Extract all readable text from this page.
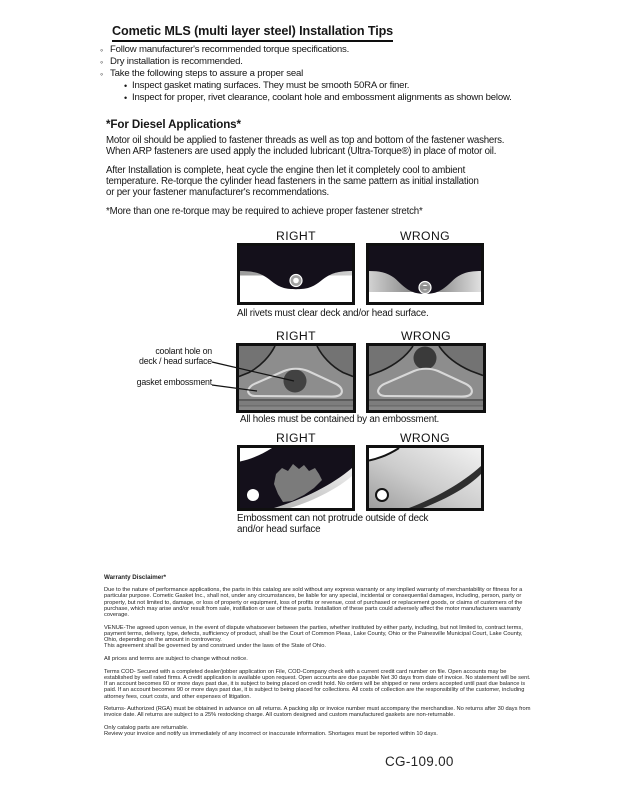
Cometic MLS (multi layer steel) Installation Tips
◦ Follow manufacturer's recommended torque specifications.
◦ Dry installation is recommended.
◦ Take the following steps to assure a proper seal
• Inspect gasket mating surfaces. They must be smooth 50RA or finer.
• Inspect for proper, rivet clearance, coolant hole and embossment alignments as shown below.
*For Diesel Applications*
Motor oil should be applied to fastener threads as well as top and bottom of the fastener washers.
When ARP fasteners are used apply the included lubricant (Ultra-Torque®) in place of motor oil.
After Installation is complete, heat cycle the engine then let it completely cool to ambient
temperature. Re-torque the cylinder head fasteners in the same pattern as initial installation
or per your fastener manufacturer's recommendations.
*More than one re-torque may be required to achieve proper fastener stretch*
RIGHT	WRONG
All rivets must clear deck and/or head surface.
RIGHT	WRONG
coolant hole on
deck / head surface
gasket embossment
All holes must be contained by an embossment.
RIGHT	WRONG
Embossment can not protrude outside of deck and/or head surface
Warranty Disclaimer*

Due to the nature of performance applications, the parts in this catalog are sold without any express warranty or any implied warranty of merchantability or fitness for a particular purpose. Cometic Gasket Inc., shall not, under any circumstances, be liable for any special, incidental or consequential damages, including, person, party or property, but not limited to, damage, or loss of property or equipment, loss of profits or revenue, cost of purchased or replacement goods, or claims of customers of the purchase, which may arise and/or result from sale, instillation or use of these parts. Installation of these parts could adversely affect the motor manufacturers warranty coverage.

VENUE-The agreed upon venue, in the event of dispute whatsoever between the parties, whether instituted by either party, including, but not limited to, contract terms, payment terms, delivery, type, defects, sufficiency of product, shall be the Court of Common Pleas, Lake County, Ohio or the Painesville Municipal Court, Lake County, Ohio, depending on the amount in controversy.

This agreement shall be governed by and construed under the laws of the State of Ohio.

All prices and terms are subject to change without notice.

Terms COD- Secured with a completed dealer/jobber application on File, COD-Company check with a current credit card number on file. Open accounts may be established by well rated firms. A credit application is available upon request. Open accounts are due payable Net 30 days from date of invoice. No statement will be sent. If an account becomes 60 or more days past due, it is subject to being placed on credit hold. No orders will be shipped or new orders accepted until past due balance is paid. If an account becomes 90 or more days past due, it is subject to being placed for collections. All costs of collection are the responsibility of the customer, including attorney fees, court costs, and other expenses of litigation.

Returns- Authorized (RGA) must be obtained in advance on all returns. A packing slip or invoice number must accompany the merchandise. No returns after 30 days from invoice date. All returns are subject to a 25% restocking charge. All custom designed and custom manufactured gaskets are non-returnable.

Only catalog parts are returnable.

Review your invoice and notify us immediately of any incorrect or inaccurate information. Shortages must be reported within 10 days.

CG-109.00
